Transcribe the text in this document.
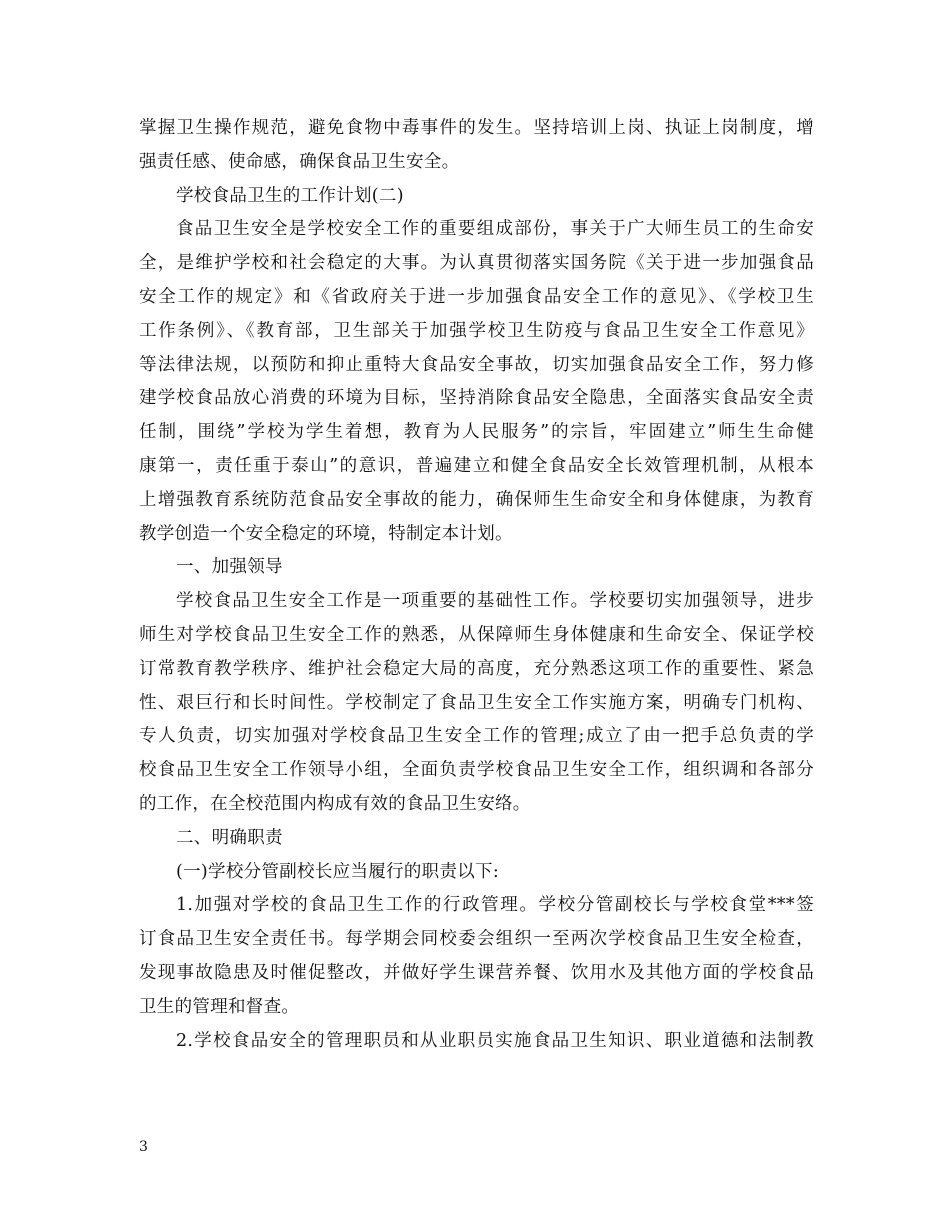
掌握卫生操作规范，避免食物中毒事件的发生。坚持培训上岗、执证上岗制度，增
强责任感、使命感，确保食品卫生安全。
学校食品卫生的工作计划(二)
食品卫生安全是学校安全工作的重要组成部份，事关于广大师生员工的生命安
全，是维护学校和社会稳定的大事。为认真贯彻落实国务院《关于进一步加强食品
安全工作的规定》和《省政府关于进一步加强食品安全工作的意见》、《学校卫生
工作条例》、《教育部，卫生部关于加强学校卫生防疫与食品卫生安全工作意见》
等法律法规，以预防和抑止重特大食品安全事故，切实加强食品安全工作，努力修
建学校食品放心消费的环境为目标，坚持消除食品安全隐患，全面落实食品安全责
任制，围绕”学校为学生着想，教育为人民服务”的宗旨，牢固建立”师生生命健
康第一，责任重于泰山”的意识，普遍建立和健全食品安全长效管理机制，从根本
上增强教育系统防范食品安全事故的能力，确保师生生命安全和身体健康，为教育
教学创造一个安全稳定的环境，特制定本计划。
一、加强领导
学校食品卫生安全工作是一项重要的基础性工作。学校要切实加强领导，进步
师生对学校食品卫生安全工作的熟悉，从保障师生身体健康和生命安全、保证学校
订常教育教学秩序、维护社会稳定大局的高度，充分熟悉这项工作的重要性、紧急
性、艰巨行和长时间性。学校制定了食品卫生安全工作实施方案，明确专门机构、
专人负责，切实加强对学校食品卫生安全工作的管理;成立了由一把手总负责的学
校食品卫生安全工作领导小组，全面负责学校食品卫生安全工作，组织调和各部分
的工作，在全校范围内构成有效的食品卫生安络。
二、明确职责
(一)学校分管副校长应当履行的职责以下:
1.加强对学校的食品卫生工作的行政管理。学校分管副校长与学校食堂***签
订食品卫生安全责任书。每学期会同校委会组织一至两次学校食品卫生安全检查，
发现事故隐患及时催促整改，并做好学生课营养餐、饮用水及其他方面的学校食品
卫生的管理和督查。
2.学校食品安全的管理职员和从业职员实施食品卫生知识、职业道德和法制教
3
